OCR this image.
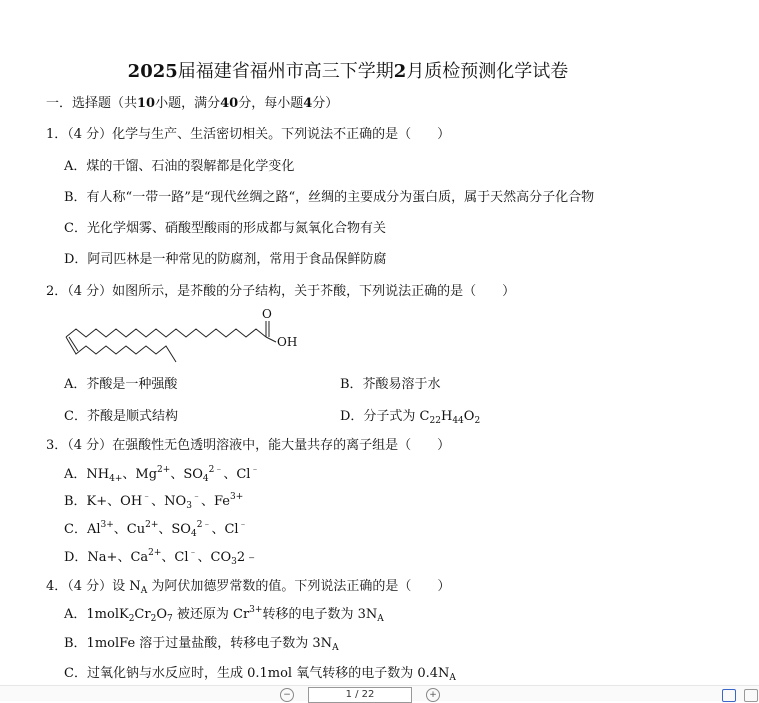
2025届福建省福州市高三下学期2月质检预测化学试卷
一．选择题（共10小题，满分40分，每小题4分）
1．（4 分）化学与生产、生活密切相关。下列说法不正确的是（　　）
A．煤的干馏、石油的裂解都是化学变化
B．有人称“一带一路”是“现代丝绸之路“，丝绸的主要成分为蛋白质，属于天然高分子化合物
C．光化学烟雾、硝酸型酸雨的形成都与氮氧化合物有关
D．阿司匹林是一种常见的防腐剂，常用于食品保鲜防腐
2．（4 分）如图所示，是芥酸的分子结构，关于芥酸，下列说法正确的是（　　）
O
OH
A．芥酸是一种强酸	B．芥酸易溶于水
C．芥酸是顺式结构	D．分子式为 $C_{22}H_{44}O_2$
3．（4 分）在强酸性无色透明溶液中，能大量共存的离子组是（　　）
A．$NH_{4+}$、$Mg^{2+}$、$SO_4^{2﹣}$、Cl﹣
B．K+、OH﹣、$NO_3^﹣$、$Fe^{3+}$
C．$Al^{3+}$、$Cu^{2+}$、$SO_4^{2﹣}$、Cl﹣
D．Na+、$Ca^{2+}$、Cl﹣、$CO_32﹣$
4．（4 分）设 $N_A$ 为阿伏加德罗常数的值。下列说法正确的是（　　）
A．$1molK_2Cr_2O_7$ 被还原为 $Cr^{3+}$转移的电子数为 $3N_A$
B．1molFe 溶于过量盐酸，转移电子数为 $3N_A$
C．过氧化钠与水反应时，生成 0.1mol 氧气转移的电子数为 $0.4N_A$
−	1 / 22	+
